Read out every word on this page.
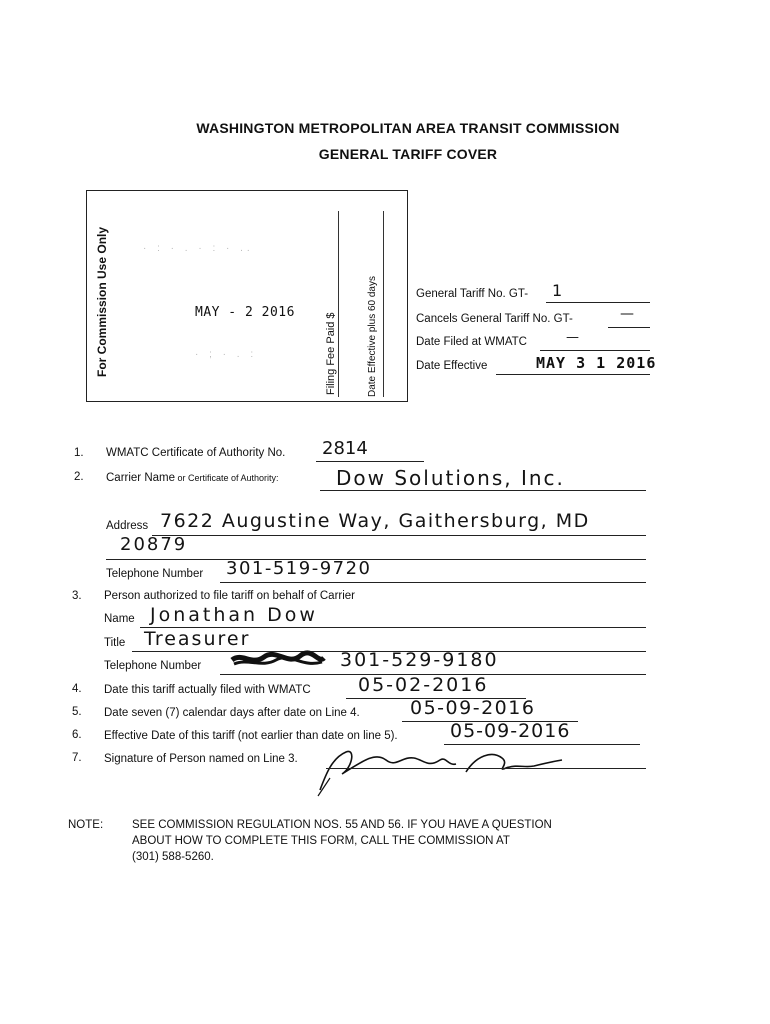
WASHINGTON METROPOLITAN AREA TRANSIT COMMISSION
GENERAL TARIFF COVER
For Commission Use Only	· : · . · : · ..
· ; · . :
MAY - 2 2016	Filing Fee Paid $	Date Effective plus 60 days	General Tariff No. GT- 1
Cancels General Tariff No. GT-	—
Date Filed at WMATC	—
Date Effective	MAY 3 1 2016
1. WMATC Certificate of Authority No. 2814
2. Carrier Name or Certificate of Authority:	Dow Solutions, Inc.
Address 7622 Augustine Way, Gaithersburg, MD
20879
Telephone Number 301-519-9720
3. Person authorized to file tariff on behalf of Carrier
Name Jonathan Dow
Title Treasurer
Telephone Number	301-529-9180
4. Date this tariff actually filed with WMATC 05-02-2016
5. Date seven (7) calendar days after date on Line 4.	05-09-2016
6. Effective Date of this tariff (not earlier than date on line 5).	05-09-2016
7. Signature of Person named on Line 3.
NOTE:	SEE COMMISSION REGULATION NOS. 55 AND 56. IF YOU HAVE A QUESTION
ABOUT HOW TO COMPLETE THIS FORM, CALL THE COMMISSION AT
(301) 588-5260.
